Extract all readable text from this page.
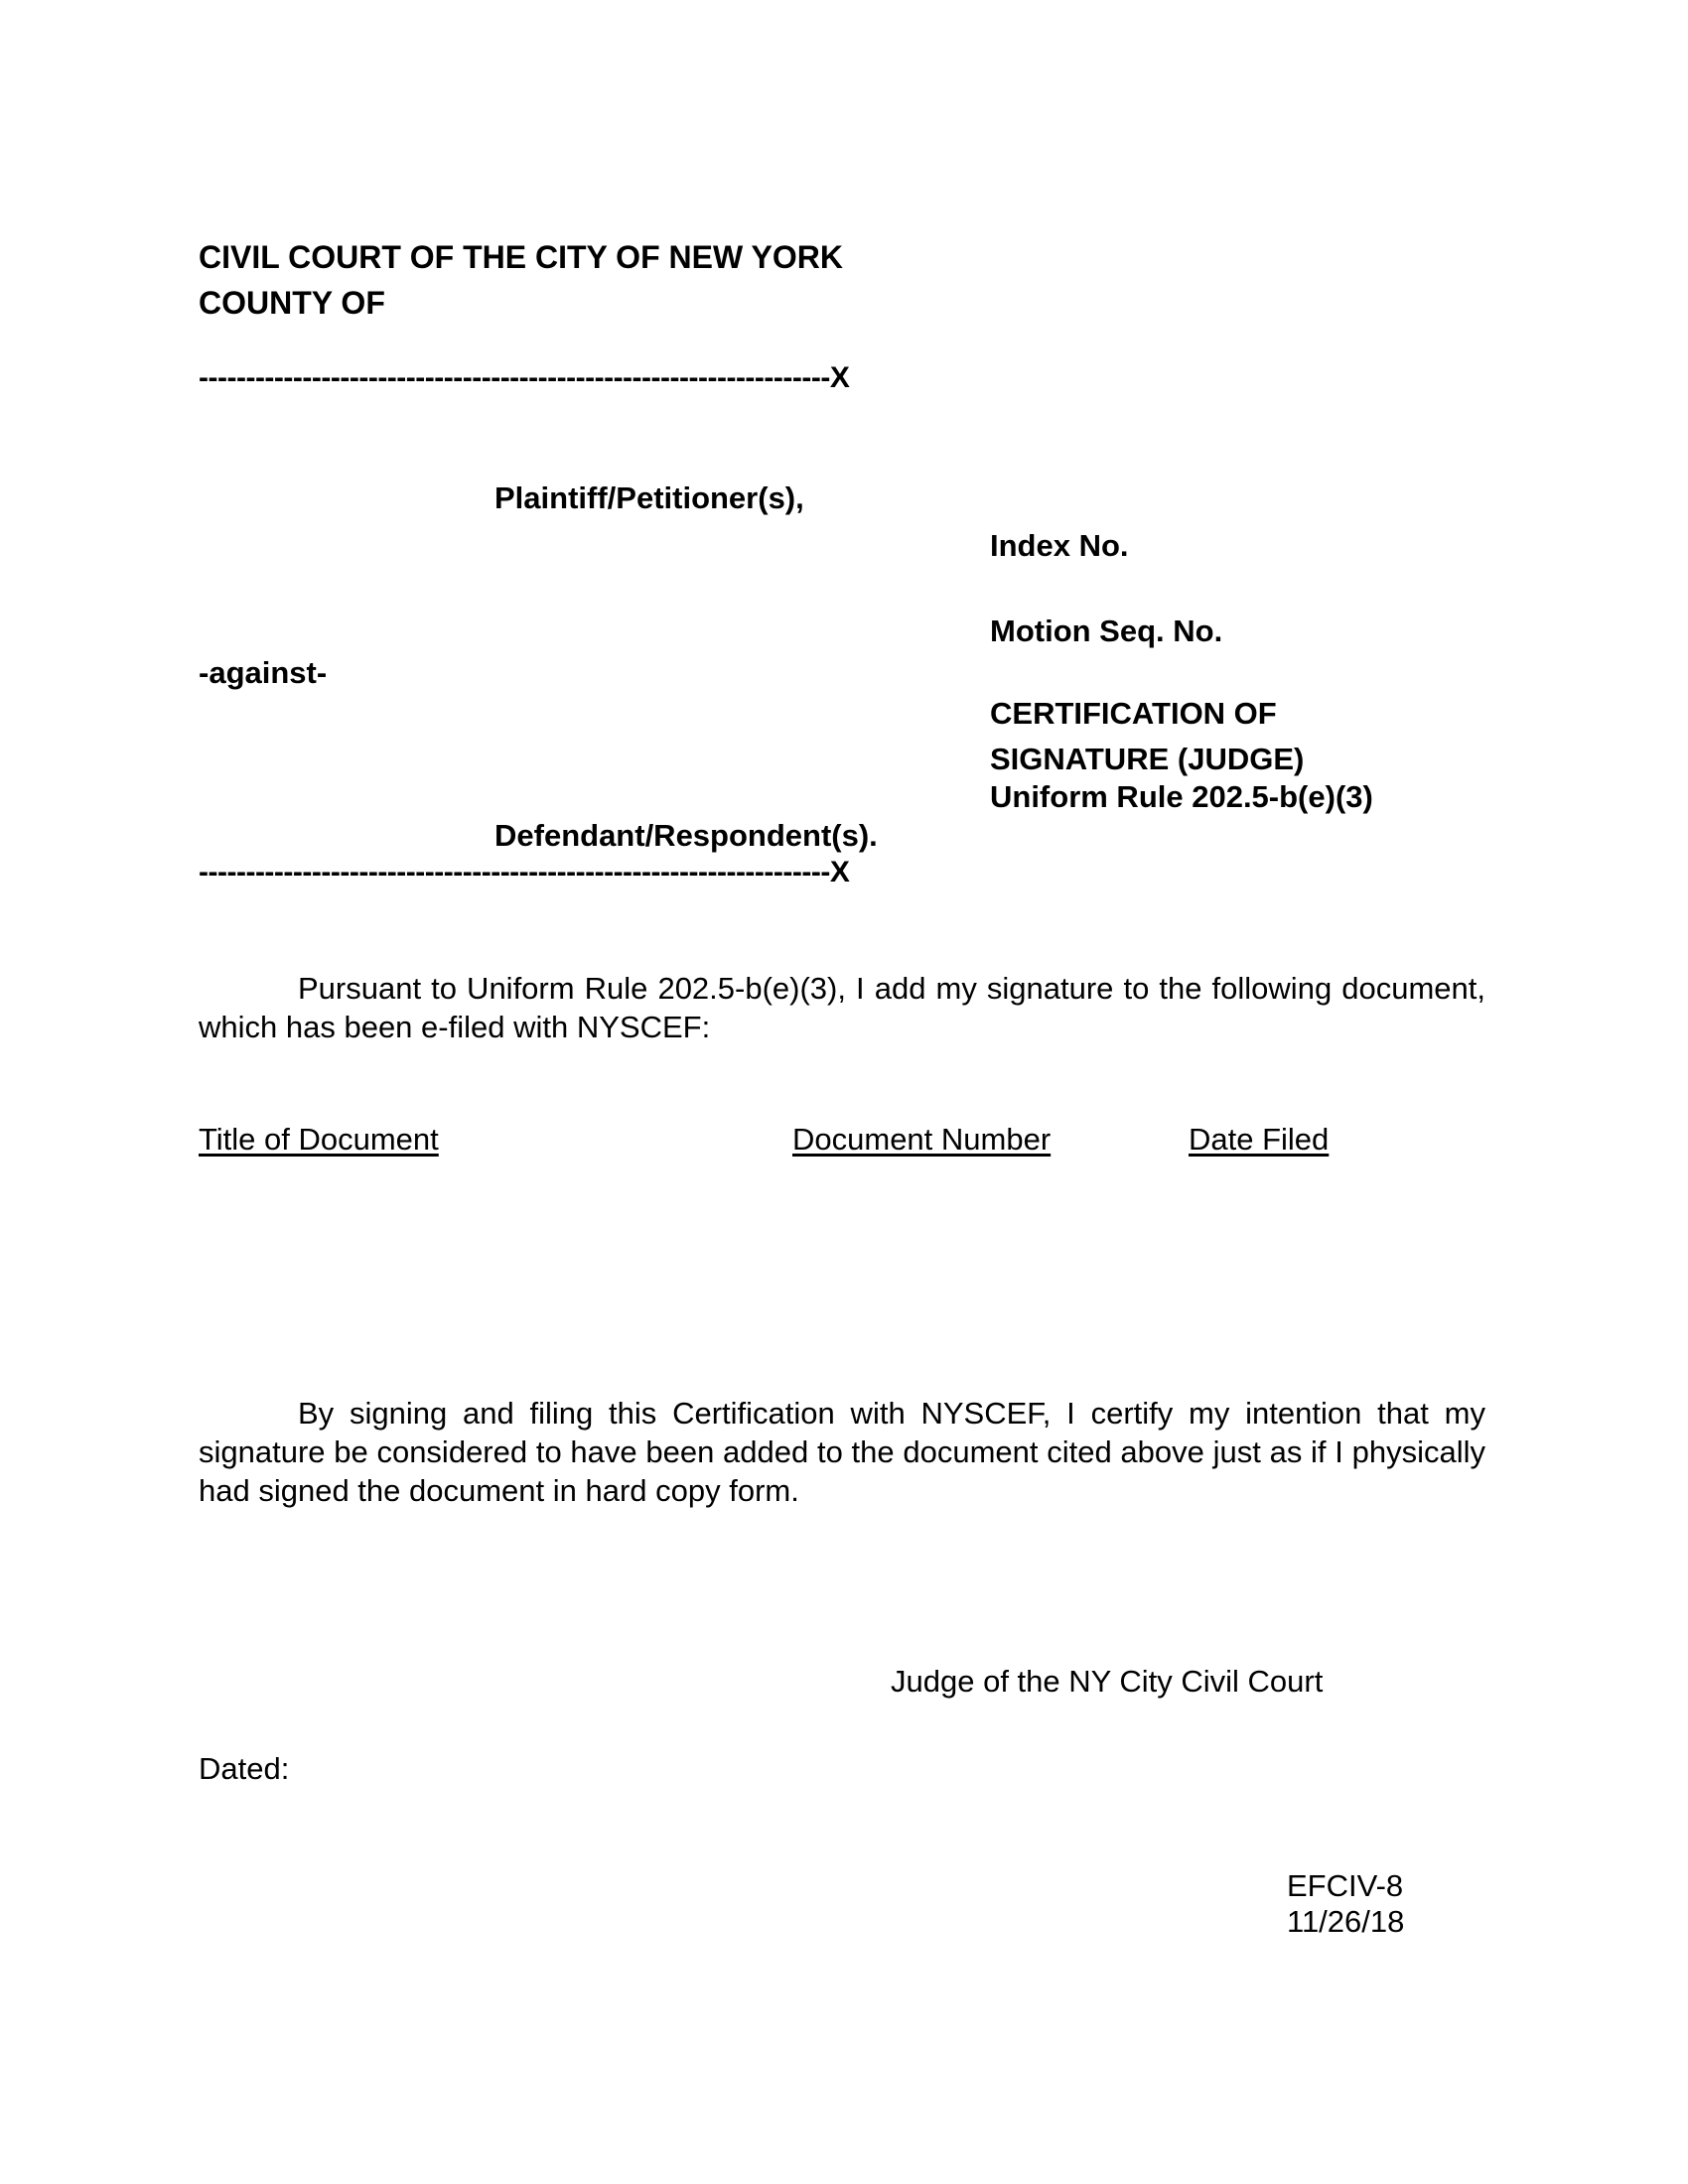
CIVIL COURT OF THE CITY OF NEW YORK
COUNTY OF
-------------------------------------------------------------------X
Plaintiff/Petitioner(s),
-against-
Defendant/Respondent(s).
-------------------------------------------------------------------X
Index No.
Motion Seq. No.
CERTIFICATION OF
SIGNATURE (JUDGE)
Uniform Rule 202.5-b(e)(3)
Pursuant to Uniform Rule 202.5-b(e)(3), I add my signature to the following document, which has been e-filed with NYSCEF:
Title of Document	Document Number	Date Filed
By signing and filing this Certification with NYSCEF, I certify my intention that my signature be considered to have been added to the document cited above just as if I physically had signed the document in hard copy form.
Judge of the NY City Civil Court
Dated:
EFCIV-8
11/26/18
